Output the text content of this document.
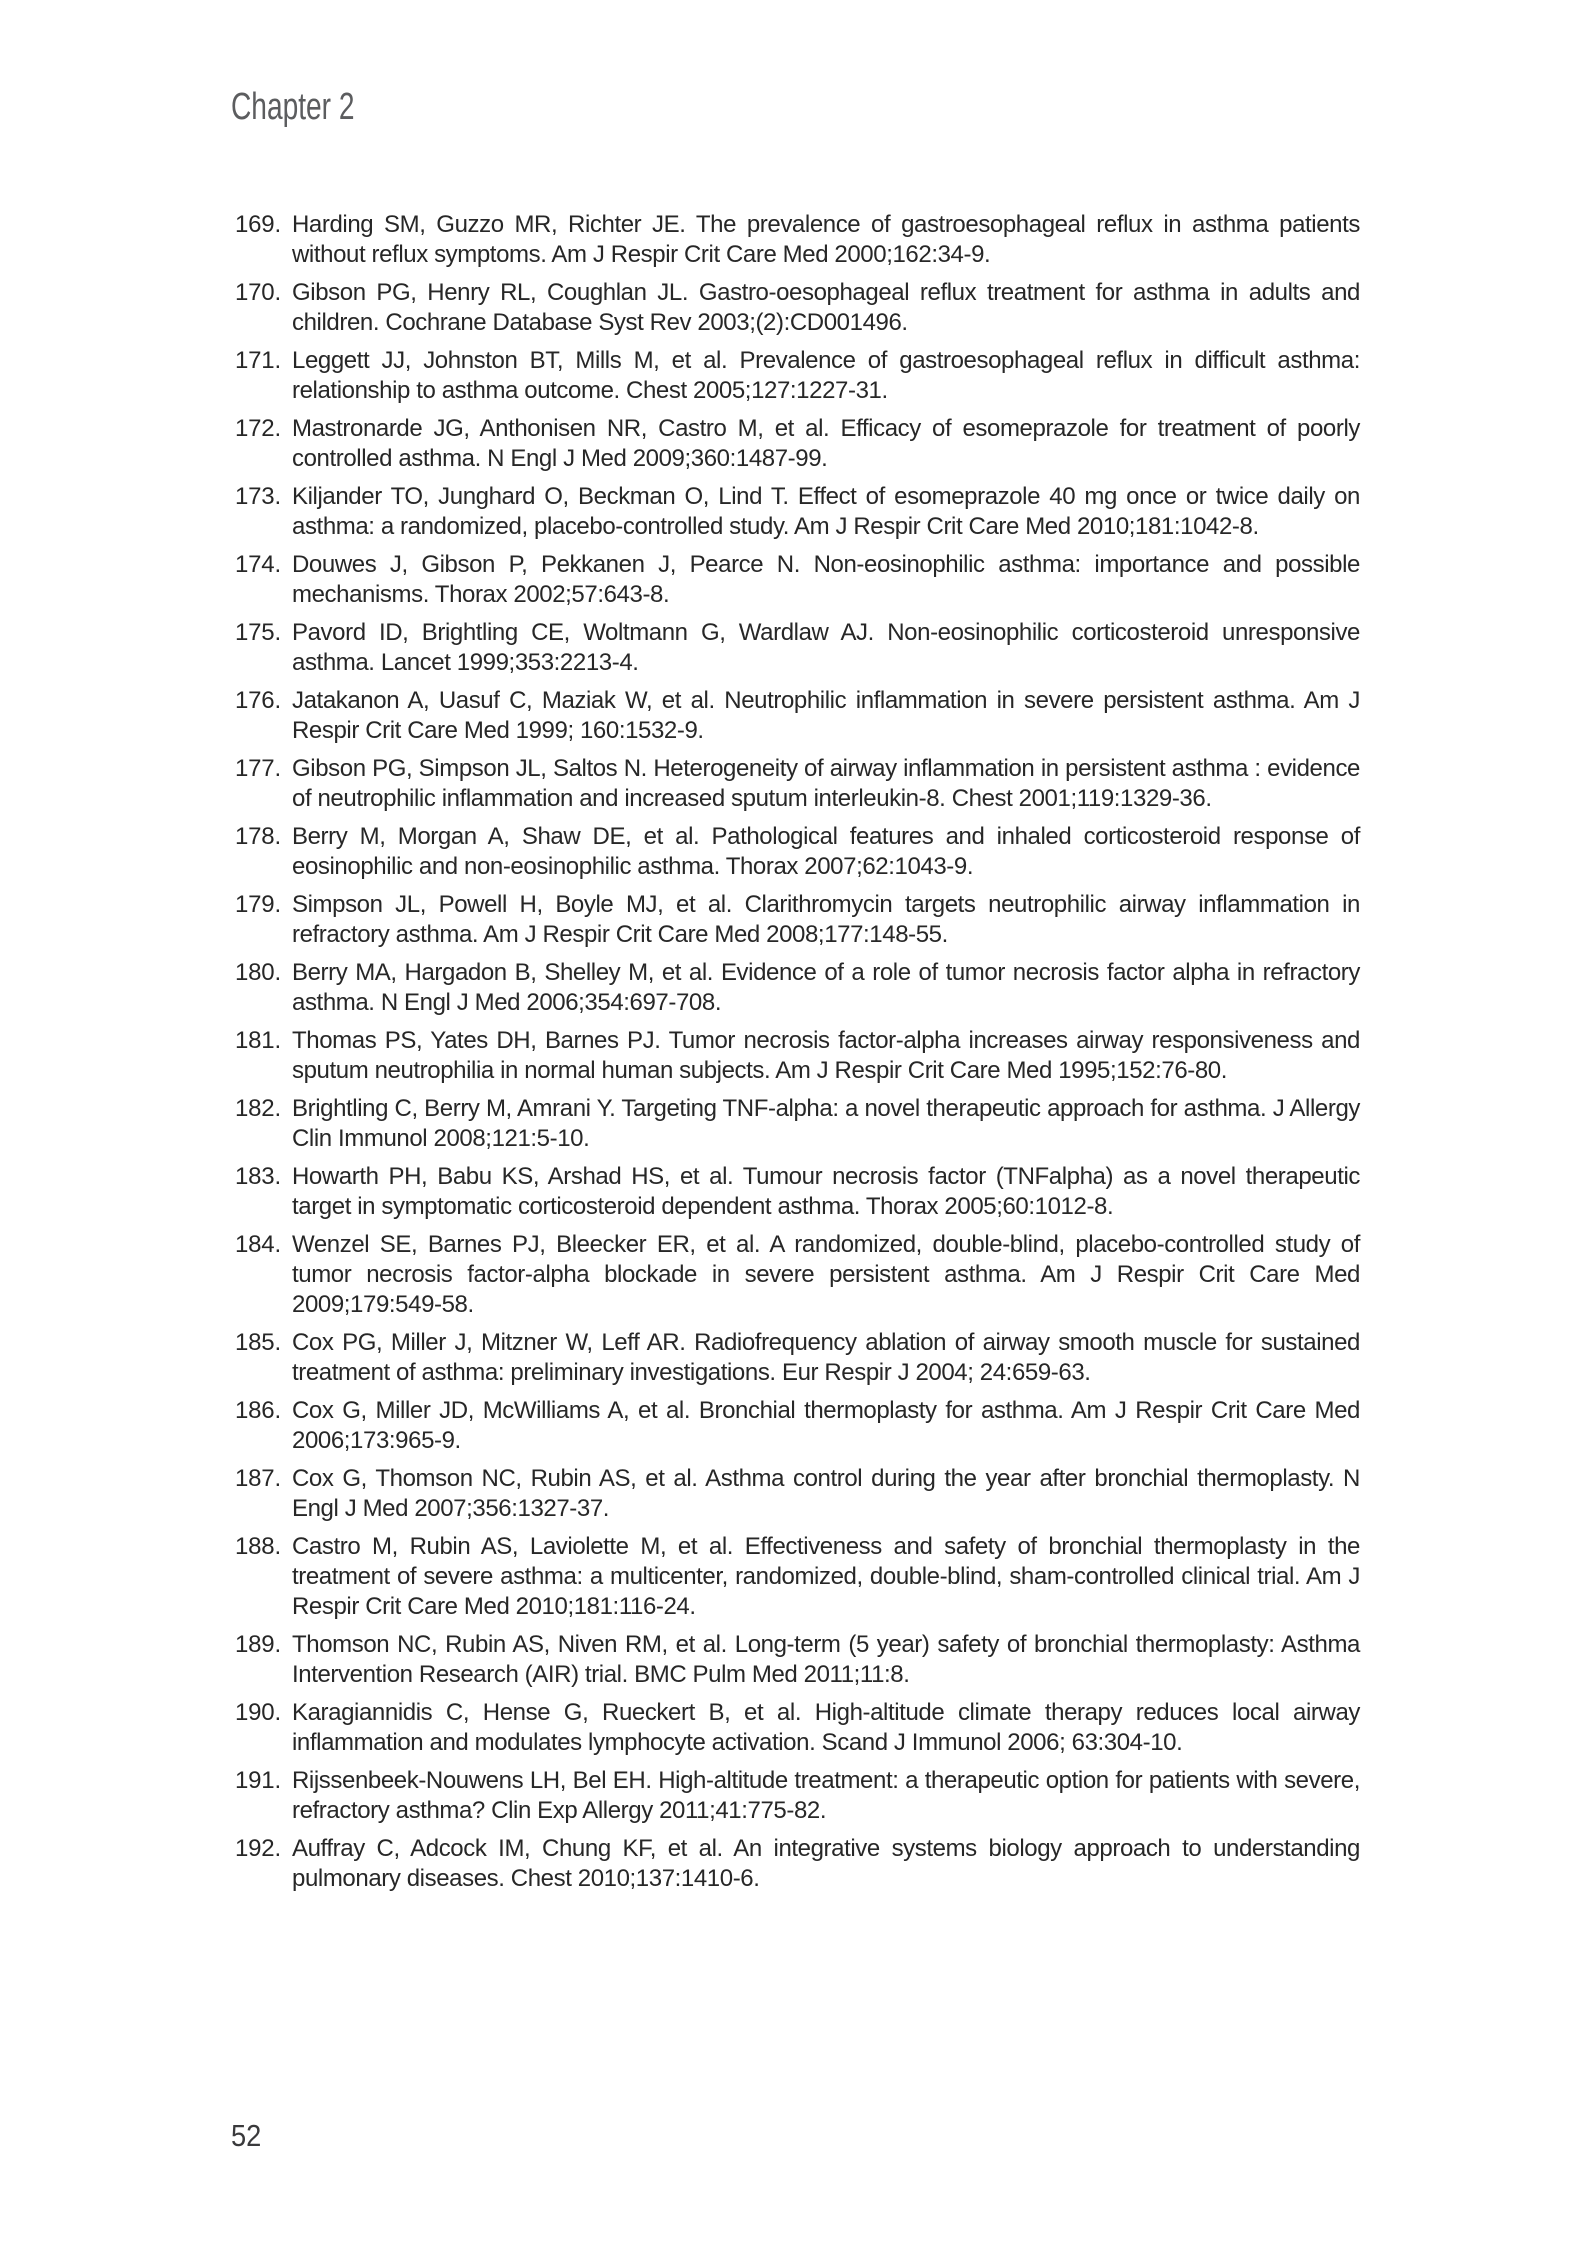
Chapter 2
169. Harding SM, Guzzo MR, Richter JE. The prevalence of gastroesophageal reflux in asthma patients without reflux symptoms. Am J Respir Crit Care Med 2000;162:34-9.
170. Gibson PG, Henry RL, Coughlan JL. Gastro-oesophageal reflux treatment for asthma in adults and children. Cochrane Database Syst Rev 2003;(2):CD001496.
171. Leggett JJ, Johnston BT, Mills M, et al. Prevalence of gastroesophageal reflux in difficult asthma: relationship to asthma outcome. Chest 2005;127:1227-31.
172. Mastronarde JG, Anthonisen NR, Castro M, et al. Efficacy of esomeprazole for treatment of poorly controlled asthma. N Engl J Med 2009;360:1487-99.
173. Kiljander TO, Junghard O, Beckman O, Lind T. Effect of esomeprazole 40 mg once or twice daily on asthma: a randomized, placebo-controlled study. Am J Respir Crit Care Med 2010;181:1042-8.
174. Douwes J, Gibson P, Pekkanen J, Pearce N. Non-eosinophilic asthma: importance and possible mechanisms. Thorax 2002;57:643-8.
175. Pavord ID, Brightling CE, Woltmann G, Wardlaw AJ. Non-eosinophilic corticosteroid unresponsive asthma. Lancet 1999;353:2213-4.
176. Jatakanon A, Uasuf C, Maziak W, et al. Neutrophilic inflammation in severe persistent asthma. Am J Respir Crit Care Med 1999; 160:1532-9.
177. Gibson PG, Simpson JL, Saltos N. Heterogeneity of airway inflammation in persistent asthma : evidence of neutrophilic inflammation and increased sputum interleukin-8. Chest 2001;119:1329-36.
178. Berry M, Morgan A, Shaw DE, et al. Pathological features and inhaled corticosteroid response of eosinophilic and non-eosinophilic asthma. Thorax 2007;62:1043-9.
179. Simpson JL, Powell H, Boyle MJ, et al. Clarithromycin targets neutrophilic airway inflammation in refractory asthma. Am J Respir Crit Care Med 2008;177:148-55.
180. Berry MA, Hargadon B, Shelley M, et al. Evidence of a role of tumor necrosis factor alpha in refractory asthma. N Engl J Med 2006;354:697-708.
181. Thomas PS, Yates DH, Barnes PJ. Tumor necrosis factor-alpha increases airway responsiveness and sputum neutrophilia in normal human subjects. Am J Respir Crit Care Med 1995;152:76-80.
182. Brightling C, Berry M, Amrani Y. Targeting TNF-alpha: a novel therapeutic approach for asthma. J Allergy Clin Immunol 2008;121:5-10.
183. Howarth PH, Babu KS, Arshad HS, et al. Tumour necrosis factor (TNFalpha) as a novel therapeutic target in symptomatic corticosteroid dependent asthma. Thorax 2005;60:1012-8.
184. Wenzel SE, Barnes PJ, Bleecker ER, et al. A randomized, double-blind, placebo-controlled study of tumor necrosis factor-alpha blockade in severe persistent asthma. Am J Respir Crit Care Med 2009;179:549-58.
185. Cox PG, Miller J, Mitzner W, Leff AR. Radiofrequency ablation of airway smooth muscle for sustained treatment of asthma: preliminary investigations. Eur Respir J 2004; 24:659-63.
186. Cox G, Miller JD, McWilliams A, et al. Bronchial thermoplasty for asthma. Am J Respir Crit Care Med 2006;173:965-9.
187. Cox G, Thomson NC, Rubin AS, et al. Asthma control during the year after bronchial thermoplasty. N Engl J Med 2007;356:1327-37.
188. Castro M, Rubin AS, Laviolette M, et al. Effectiveness and safety of bronchial thermoplasty in the treatment of severe asthma: a multicenter, randomized, double-blind, sham-controlled clinical trial. Am J Respir Crit Care Med 2010;181:116-24.
189. Thomson NC, Rubin AS, Niven RM, et al. Long-term (5 year) safety of bronchial thermoplasty: Asthma Intervention Research (AIR) trial. BMC Pulm Med 2011;11:8.
190. Karagiannidis C, Hense G, Rueckert B, et al. High-altitude climate therapy reduces local airway inflammation and modulates lymphocyte activation. Scand J Immunol 2006; 63:304-10.
191. Rijssenbeek-Nouwens LH, Bel EH. High-altitude treatment: a therapeutic option for patients with severe, refractory asthma? Clin Exp Allergy 2011;41:775-82.
192. Auffray C, Adcock IM, Chung KF, et al. An integrative systems biology approach to understanding pulmonary diseases. Chest 2010;137:1410-6.
52
